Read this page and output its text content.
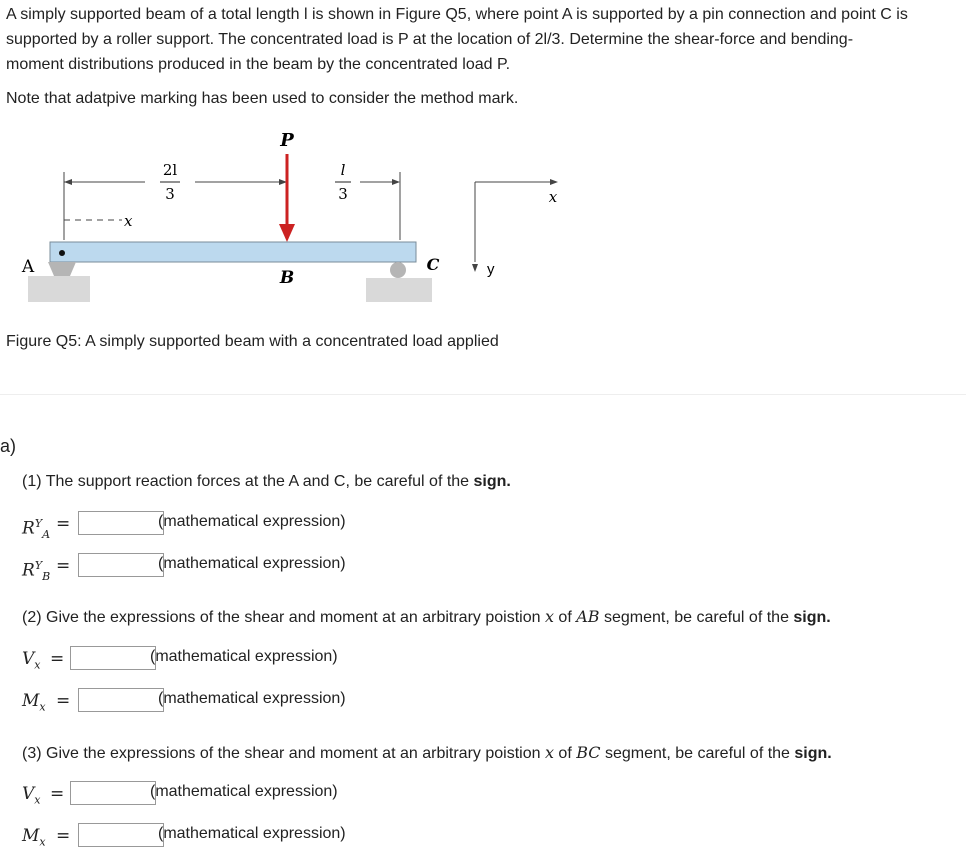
A simply supported beam of a total length l is shown in Figure Q5, where point A is supported by a pin connection and point C is

supported by a roller support. The concentrated load is P at the location of 2l/3. Determine the shear-force and bending-

moment distributions produced in the beam by the concentrated load P.

Note that adatpive marking has been used to consider the method mark.
2l
3
l
3
x
P
A	C
B
x
y
Figure Q5: A simply supported beam with a concentrated load applied
a)
(1) The support reaction forces at the A and C, be careful of the sign.
$R^Y_A$
=	(mathematical expression)
$R^Y_B$
=	(mathematical expression)
(2) Give the expressions of the shear and moment at an arbitrary poistion x of AB segment, be careful of the sign.
$V_x$ =	(mathematical expression)
$M_x$ =	(mathematical expression)
(3) Give the expressions of the shear and moment at an arbitrary poistion x of BC segment, be careful of the sign.
$V_x$ =	(mathematical expression)
$M_x$ =	(mathematical expression)
